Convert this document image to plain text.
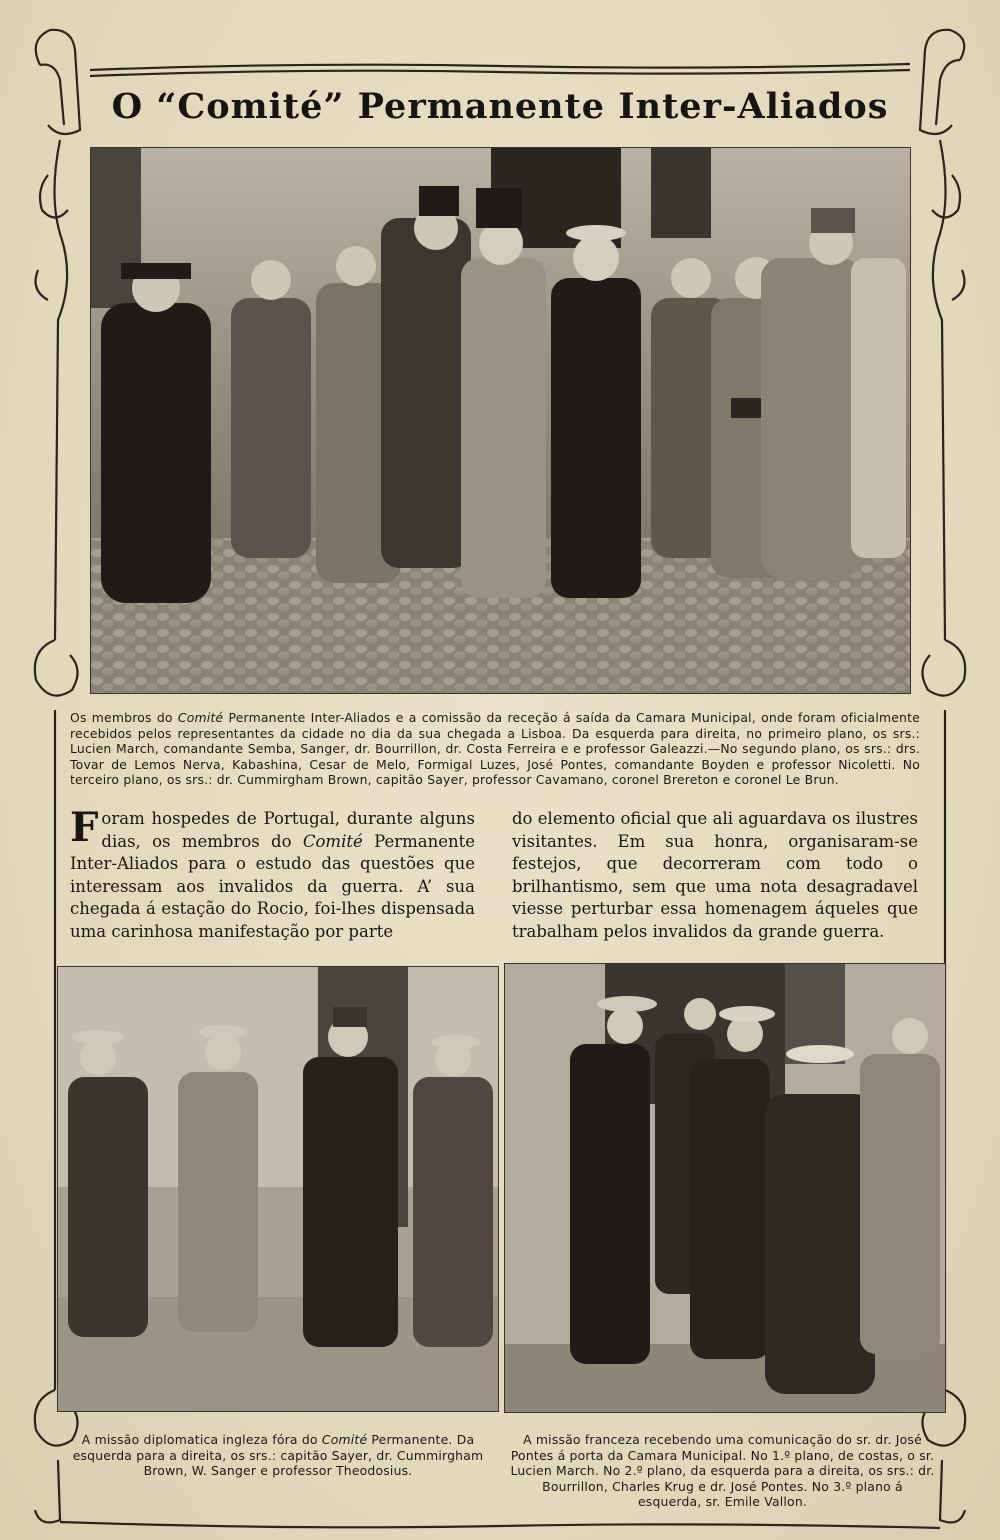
O “Comité” Permanente Inter-Aliados
Os membros do Comité Permanente Inter-Aliados e a comissão da receção á saída da Camara Municipal, onde foram oficialmente recebidos pelos representantes da cidade no dia da sua chegada a Lisboa. Da esquerda para direita, no primeiro plano, os srs.: Lucien March, comandante Semba, Sanger, dr. Bourrillon, dr. Costa Ferreira e e professor Galeazzi.—No segundo plano, os srs.: drs. Tovar de Lemos Nerva, Kabashina, Cesar de Melo, Formigal Luzes, José Pontes, comandante Boyden e professor Nicoletti. No terceiro plano, os srs.: dr. Cummirgham Brown, capitão Sayer, professor Cavamano, coronel Brereton e coronel Le Brun.
Foram hospedes de Portugal, durante alguns dias, os membros do Comité Permanente Inter-Aliados para o estudo das questões que interessam aos invalidos da guerra. A’ sua chegada á estação do Rocio, foi-lhes dispensada uma carinhosa manifestação por parte
do elemento oficial que ali aguardava os ilustres visitantes. Em sua honra, organisaram-se festejos, que decorreram com todo o brilhantismo, sem que uma nota desagradavel viesse perturbar essa homenagem áqueles que trabalham pelos invalidos da grande guerra.
A missão diplomatica ingleza fóra do Comité Permanente. Da esquerda para a direita, os srs.: capitão Sayer, dr. Cummirgham Brown, W. Sanger e professor Theodosius.
A missão franceza recebendo uma comunicação do sr. dr. José Pontes á porta da Camara Municipal. No 1.º plano, de costas, o sr. Lucien March. No 2.º plano, da esquerda para a direita, os srs.: dr. Bourrillon, Charles Krug e dr. José Pontes. No 3.º plano á esquerda, sr. Emile Vallon.
